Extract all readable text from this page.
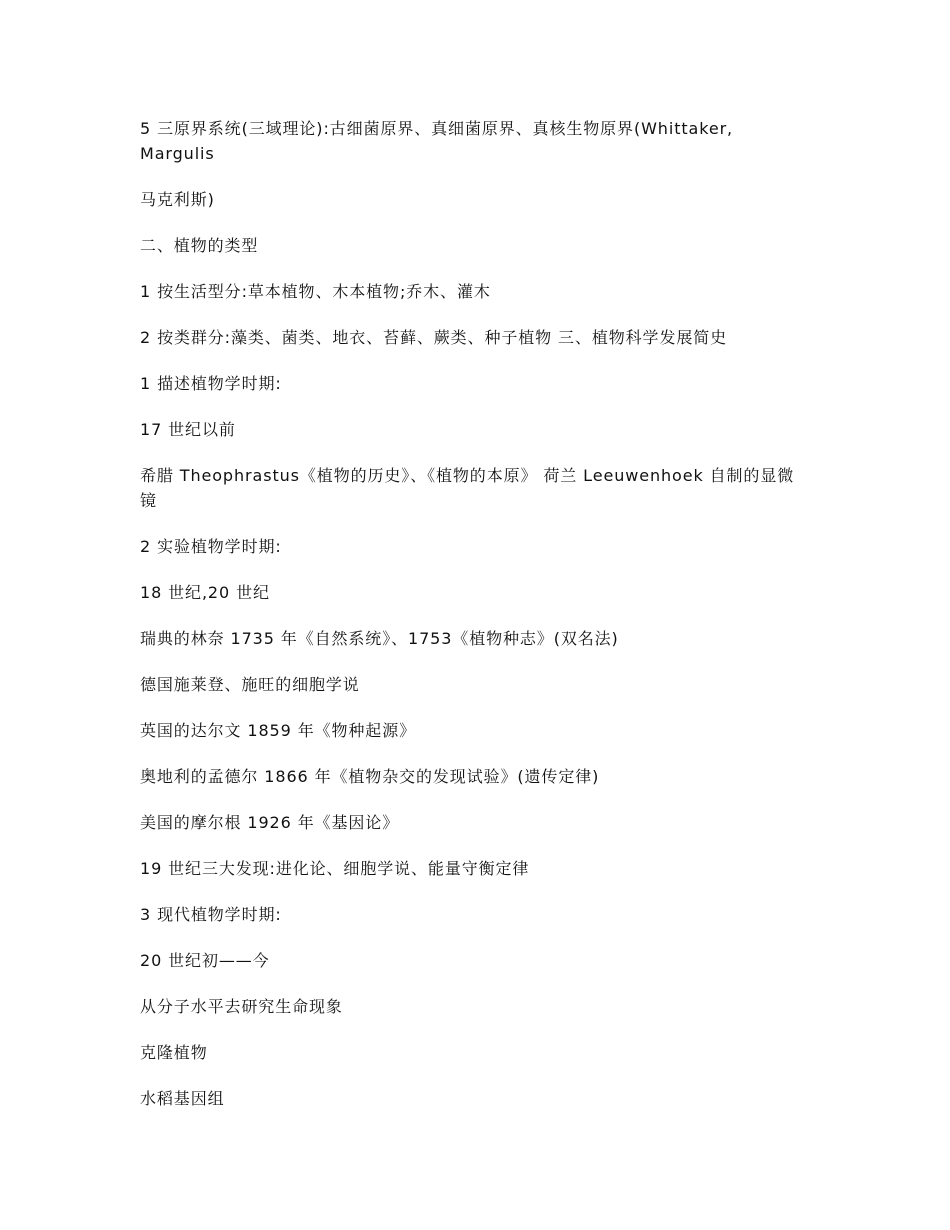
5 三原界系统(三域理论):古细菌原界、真细菌原界、真核生物原界(Whittaker, Margulis

马克利斯)

二、植物的类型

1 按生活型分:草本植物、木本植物;乔木、灌木

2 按类群分:藻类、菌类、地衣、苔藓、蕨类、种子植物 三、植物科学发展简史

1 描述植物学时期:

17 世纪以前

希腊 Theophrastus《植物的历史》、《植物的本原》 荷兰 Leeuwenhoek 自制的显微镜

2 实验植物学时期:

18 世纪,20 世纪

瑞典的林奈 1735 年《自然系统》、1753《植物种志》(双名法)

德国施莱登、施旺的细胞学说

英国的达尔文 1859 年《物种起源》

奥地利的孟德尔 1866 年《植物杂交的发现试验》(遗传定律)

美国的摩尔根 1926 年《基因论》

19 世纪三大发现:进化论、细胞学说、能量守衡定律

3 现代植物学时期:

20 世纪初——今

从分子水平去研究生命现象

克隆植物

水稻基因组
